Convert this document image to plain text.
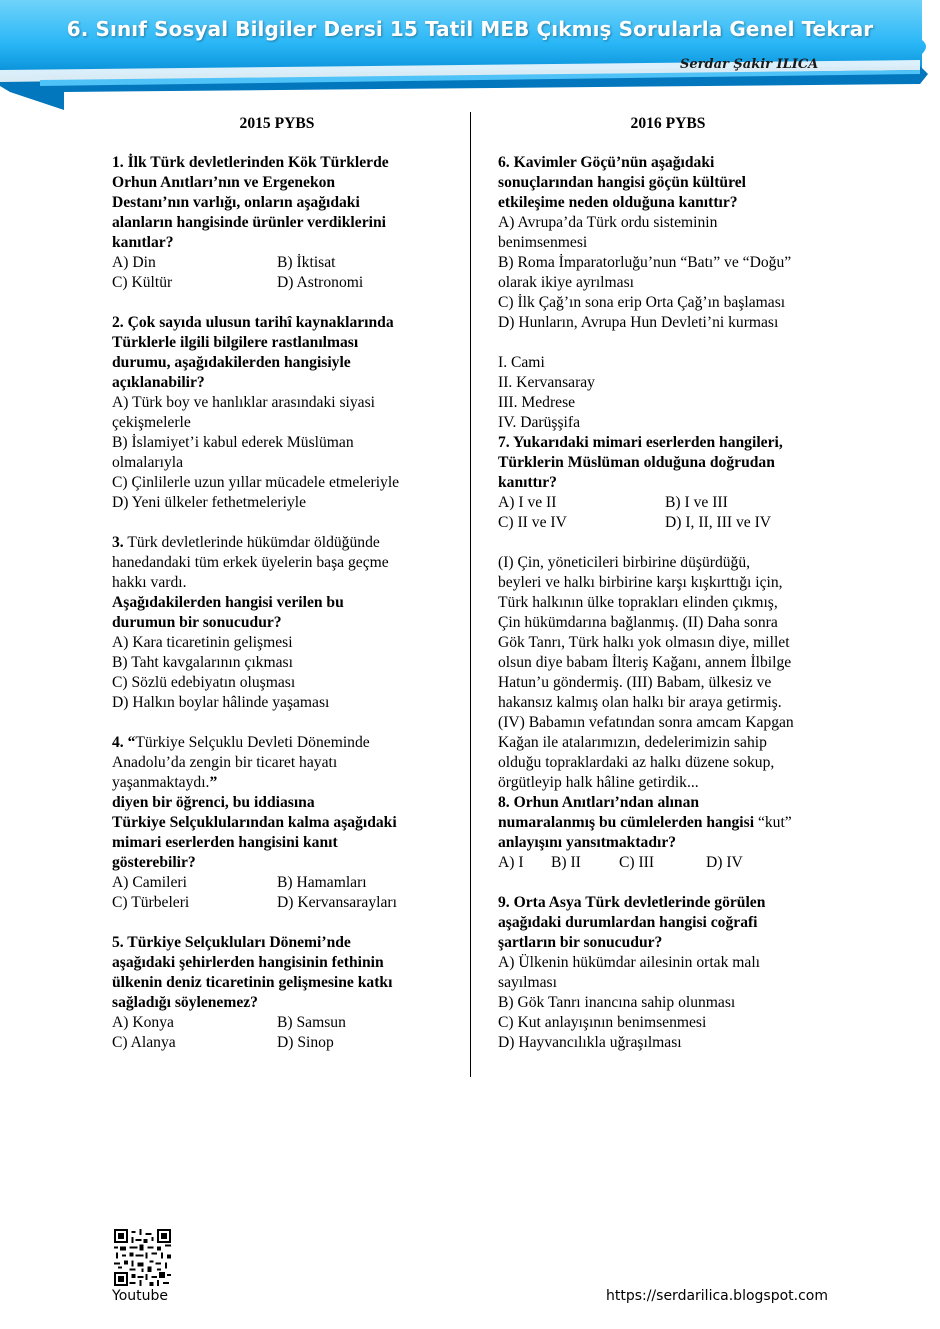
6. Sınıf Sosyal Bilgiler Dersi 15 Tatil MEB Çıkmış Sorularla Genel Tekrar
Serdar Şakir ILICA
2015 PYBS
1. İlk Türk devletlerinden Kök Türklerde
Orhun Anıtları’nın ve Ergenekon
Destanı’nın varlığı, onların aşağıdaki
alanların hangisinde ürünler verdiklerini
kanıtlar?
A) Din	B) İktisat
C) Kültür	D) Astronomi
2. Çok sayıda ulusun tarihî kaynaklarında
Türklerle ilgili bilgilere rastlanılması
durumu, aşağıdakilerden hangisiyle
açıklanabilir?
A) Türk boy ve hanlıklar arasındaki siyasi
çekişmelerle
B) İslamiyet’i kabul ederek Müslüman
olmalarıyla
C) Çinlilerle uzun yıllar mücadele etmeleriyle
D) Yeni ülkeler fethetmeleriyle
3. Türk devletlerinde hükümdar öldüğünde
hanedandaki tüm erkek üyelerin başa geçme
hakkı vardı.
Aşağıdakilerden hangisi verilen bu
durumun bir sonucudur?
A) Kara ticaretinin gelişmesi
B) Taht kavgalarının çıkması
C) Sözlü edebiyatın oluşması
D) Halkın boylar hâlinde yaşaması
4. “Türkiye Selçuklu Devleti Döneminde
Anadolu’da zengin bir ticaret hayatı
yaşanmaktaydı.”
diyen bir öğrenci, bu iddiasına
Türkiye Selçuklularından kalma aşağıdaki
mimari eserlerden hangisini kanıt
gösterebilir?
A) Camileri	B) Hamamları
C) Türbeleri	D) Kervansarayları
5. Türkiye Selçukluları Dönemi’nde
aşağıdaki şehirlerden hangisinin fethinin
ülkenin deniz ticaretinin gelişmesine katkı
sağladığı söylenemez?
A) Konya	B) Samsun
C) Alanya	D) Sinop
2016 PYBS
6. Kavimler Göçü’nün aşağıdaki
sonuçlarından hangisi göçün kültürel
etkileşime neden olduğuna kanıttır?
A) Avrupa’da Türk ordu sisteminin
benimsenmesi
B) Roma İmparatorluğu’nun “Batı” ve “Doğu”
olarak ikiye ayrılması
C) İlk Çağ’ın sona erip Orta Çağ’ın başlaması
D) Hunların, Avrupa Hun Devleti’ni kurması
I. Cami
II. Kervansaray
III. Medrese
IV. Darüşşifa
7. Yukarıdaki mimari eserlerden hangileri,
Türklerin Müslüman olduğuna doğrudan
kanıttır?
A) I ve II	B) I ve III
C) II ve IV	D) I, II, III ve IV
(I) Çin, yöneticileri birbirine düşürdüğü,
beyleri ve halkı birbirine karşı kışkırttığı için,
Türk halkının ülke toprakları elinden çıkmış,
Çin hükümdarına bağlanmış. (II) Daha sonra
Gök Tanrı, Türk halkı yok olmasın diye, millet
olsun diye babam İlteriş Kağanı, annem İlbilge
Hatun’u göndermiş. (III) Babam, ülkesiz ve
hakansız kalmış olan halkı bir araya getirmiş.
(IV) Babamın vefatından sonra amcam Kapgan
Kağan ile atalarımızın, dedelerimizin sahip
olduğu topraklardaki az halkı düzene sokup,
örgütleyip halk hâline getirdik...
8. Orhun Anıtları’ndan alınan
numaralanmış bu cümlelerden hangisi “kut”
anlayışını yansıtmaktadır?
A) I	B) II	C) III	D) IV
9. Orta Asya Türk devletlerinde görülen
aşağıdaki durumlardan hangisi coğrafi
şartların bir sonucudur?
A) Ülkenin hükümdar ailesinin ortak malı
sayılması
B) Gök Tanrı inancına sahip olunması
C) Kut anlayışının benimsenmesi
D) Hayvancılıkla uğraşılması
Youtube	https://serdarilica.blogspot.com
